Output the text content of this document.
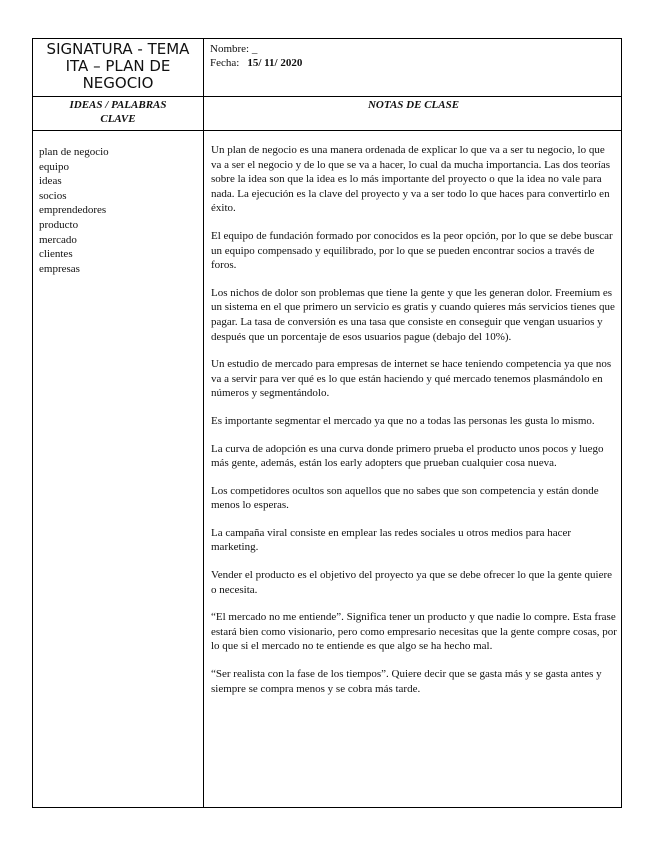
SIGNATURA - TEMA
ITA – PLAN DE
NEGOCIO
Nombre: _
Fecha: 15/ 11/ 2020
IDEAS / PALABRAS
CLAVE
NOTAS DE CLASE
plan de negocio
equipo
ideas
socios
emprendedores
producto
mercado
clientes
empresas

Un plan de negocio es una manera ordenada de explicar lo que va a ser tu negocio, lo que va a ser el negocio y de lo que se va a hacer, lo cual da mucha importancia. Las dos teorías sobre la idea son que la idea es lo más importante del proyecto o que la idea no vale para nada. La ejecución es la clave del proyecto y va a ser todo lo que haces para convertirlo en éxito.

El equipo de fundación formado por conocidos es la peor opción, por lo que se debe buscar un equipo compensado y equilibrado, por lo que se pueden encontrar socios a través de foros.

Los nichos de dolor son problemas que tiene la gente y que les generan dolor. Freemium es un sistema en el que primero un servicio es gratis y cuando quieres más servicios tienes que pagar. La tasa de conversión es una tasa que consiste en conseguir que vengan usuarios y después que un porcentaje de esos usuarios pague (debajo del 10%).

Un estudio de mercado para empresas de internet se hace teniendo competencia ya que nos va a servir para ver qué es lo que están haciendo y qué mercado tenemos plasmándolo en números y segmentándolo.

Es importante segmentar el mercado ya que no a todas las personas les gusta lo mismo.

La curva de adopción es una curva donde primero prueba el producto unos pocos y luego más gente, además, están los early adopters que prueban cualquier cosa nueva.

Los competidores ocultos son aquellos que no sabes que son competencia y están donde menos lo esperas.

La campaña viral consiste en emplear las redes sociales u otros medios para hacer marketing.

Vender el producto es el objetivo del proyecto ya que se debe ofrecer lo que la gente quiere o necesita.

“El mercado no me entiende”. Significa tener un producto y que nadie lo compre. Esta frase estará bien como visionario, pero como empresario necesitas que la gente compre cosas, por lo que si el mercado no te entiende es que algo se ha hecho mal.

“Ser realista con la fase de los tiempos”. Quiere decir que se gasta más y se gasta antes y siempre se compra menos y se cobra más tarde.
